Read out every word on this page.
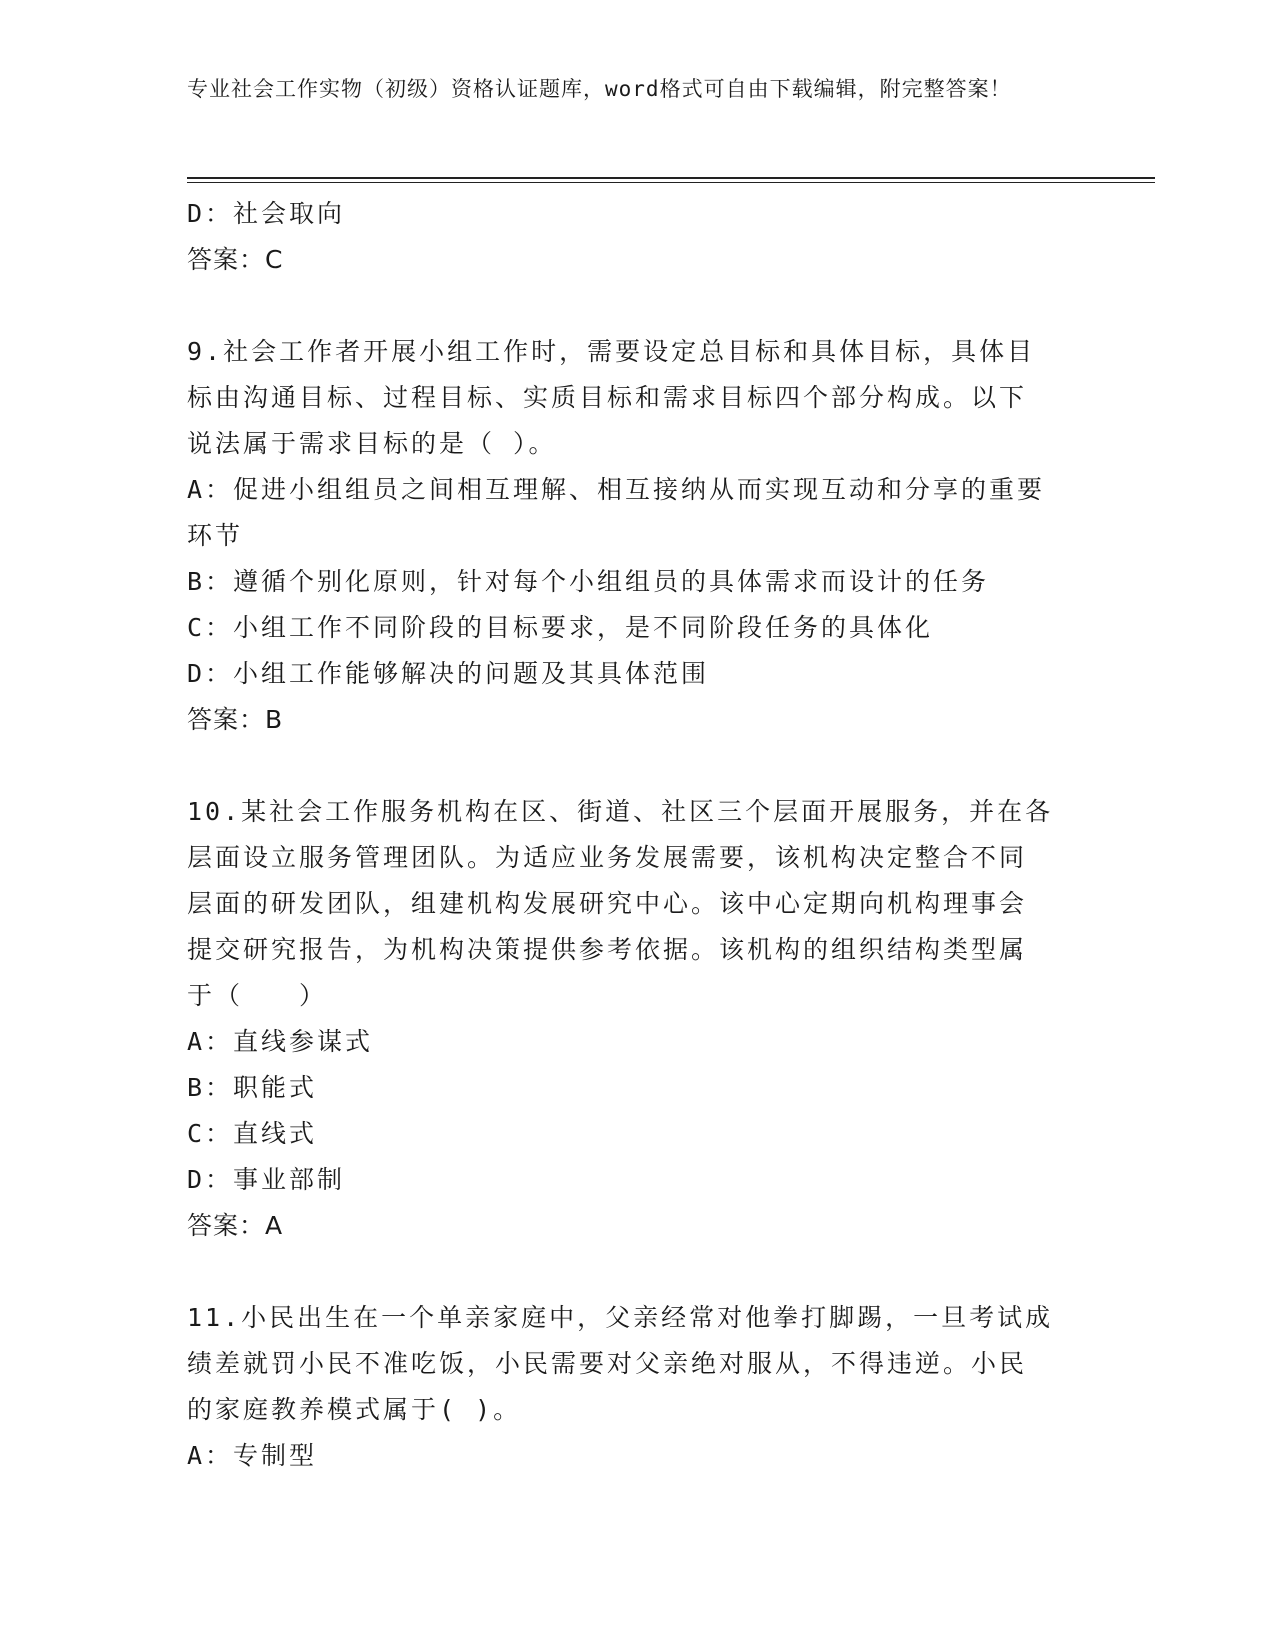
专业社会工作实物（初级）资格认证题库，word格式可自由下载编辑，附完整答案！

D：社会取向

答案：C

9.社会工作者开展小组工作时，需要设定总目标和具体目标，具体目

标由沟通目标、过程目标、实质目标和需求目标四个部分构成。以下

说法属于需求目标的是（ ）。

A：促进小组组员之间相互理解、相互接纳从而实现互动和分享的重要

环节

B：遵循个别化原则，针对每个小组组员的具体需求而设计的任务

C：小组工作不同阶段的目标要求，是不同阶段任务的具体化

D：小组工作能够解决的问题及其具体范围

答案：B

10.某社会工作服务机构在区、街道、社区三个层面开展服务，并在各

层面设立服务管理团队。为适应业务发展需要，该机构决定整合不同

层面的研发团队，组建机构发展研究中心。该中心定期向机构理事会

提交研究报告，为机构决策提供参考依据。该机构的组织结构类型属

于（　　）

A：直线参谋式

B：职能式

C：直线式

D：事业部制

答案：A

11.小民出生在一个单亲家庭中，父亲经常对他拳打脚踢，一旦考试成

绩差就罚小民不准吃饭，小民需要对父亲绝对服从，不得违逆。小民

的家庭教养模式属于( )。

A：专制型
